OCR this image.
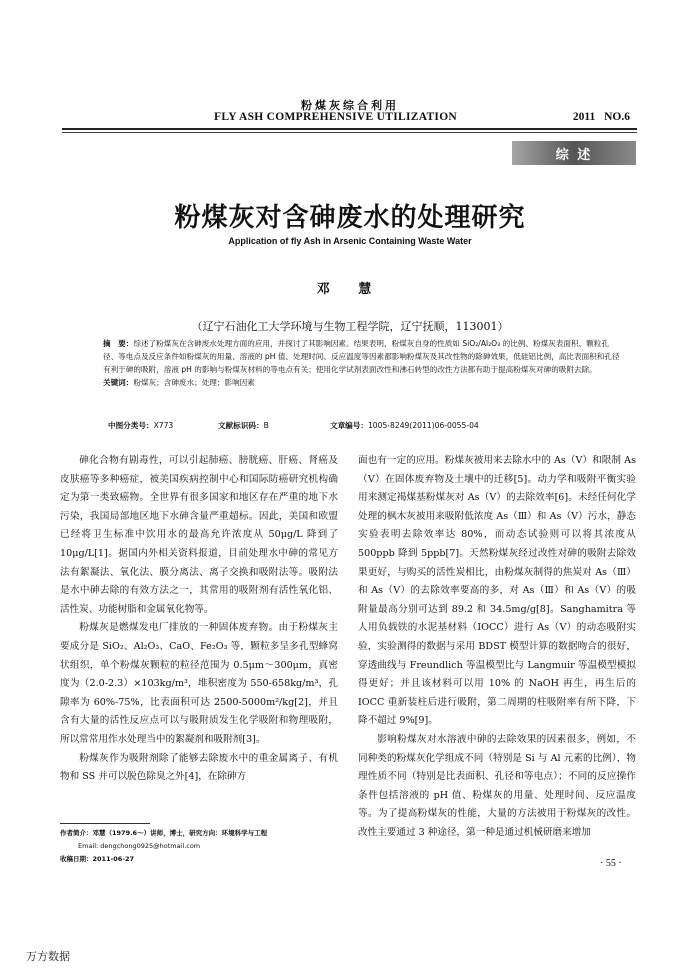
粉煤灰综合利用
FLY ASH COMPREHENSIVE UTILIZATION	2011 NO.6
综 述
粉煤灰对含砷废水的处理研究
Application of fly Ash in Arsenic Containing Waste Water
邓 慧
（辽宁石油化工大学环境与生物工程学院，辽宁抚顺，113001）
摘　要：综述了粉煤灰在含砷废水处理方面的应用，并探讨了其影响因素。结果表明，粉煤灰自身的性质如 SiO₂/Al₂O₃ 的比例、粉煤灰表面积、颗粒孔径、等电点及反应条件如粉煤灰的用量、溶液的 pH 值、处理时间、反应温度等因素都影响粉煤灰及其改性物的除砷效果，低硅铝比例，高比表面积和孔径有利于砷的吸附，溶液 pH 的影响与粉煤灰材料的等电点有关；使用化学试剂表面改性和沸石转型的改性方法都有助于提高粉煤灰对砷的吸附去除。
关键词：粉煤灰；含砷废水；处理；影响因素
中图分类号：X773	文献标识码：B	文章编号：1005-8249(2011)06-0055-04

砷化合物有剧毒性，可以引起肺癌、膀胱癌、肝癌、肾癌及皮肤癌等多种癌症，被美国疾病控制中心和国际防癌研究机构确定为第一类致癌物。全世界有很多国家和地区存在严重的地下水污染，我国局部地区地下水砷含量严重超标。因此，美国和欧盟已经将卫生标准中饮用水的最高允许浓度从 50μg/L 降到了 10μg/L[1]。据国内外相关资料报道，目前处理水中砷的常见方法有絮凝法、氧化法、膜分离法、离子交换和吸附法等。吸附法是水中砷去除的有效方法之一，其常用的吸附剂有活性氧化铝、活性炭、功能树脂和金属氧化物等。

粉煤灰是燃煤发电厂排放的一种固体废弃物。由于粉煤灰主要成分是 SiO₂、Al₂O₃、CaO、Fe₂O₃ 等，颗粒多呈多孔型蜂窝状组织，单个粉煤灰颗粒的粒径范围为 0.5μm～300μm，真密度为（2.0-2.3）×103kg/m³，堆积密度为 550-658kg/m³，孔隙率为 60%-75%，比表面积可达 2500-5000m²/kg[2]，并且含有大量的活性反应点可以与吸附质发生化学吸附和物理吸附，所以常常用作水处理当中的絮凝剂和吸附剂[3]。

粉煤灰作为吸附剂除了能够去除废水中的重金属离子、有机物和 SS 并可以脱色除臭之外[4]，在除砷方

面也有一定的应用。粉煤灰被用来去除水中的 As（Ⅴ）和限制 As（Ⅴ）在固体废弃物及土壤中的迁移[5]。动力学和吸附平衡实验用来测定褐煤基粉煤灰对 As（Ⅴ）的去除效率[6]。未经任何化学处理的枫木灰被用来吸附低浓度 As（Ⅲ）和 As（Ⅴ）污水，静态实验表明去除效率达 80%，而动态试验则可以将其浓度从 500ppb 降到 5ppb[7]。天然粉煤灰经过改性对砷的吸附去除效果更好，与购买的活性炭相比，由粉煤灰制得的焦炭对 As（Ⅲ）和 As（Ⅴ）的去除效率要高的多，对 As（Ⅲ）和 As（Ⅴ）的吸附量最高分别可达到 89.2 和 34.5mg/g[8]。Sanghamitra 等人用负载铁的水泥基材料（IOCC）进行 As（Ⅴ）的动态吸附实验，实验测得的数据与采用 BDST 模型计算的数据吻合的很好，穿透曲线与 Freundlich 等温模型比与 Langmuir 等温模型模拟得更好；并且该材料可以用 10% 的 NaOH 再生，再生后的 IOCC 重新装柱后进行吸附，第二周期的柱吸附率有所下降，下降不超过 9%[9]。

影响粉煤灰对水溶液中砷的去除效果的因素很多，例如，不同种类的粉煤灰化学组成不同（特别是 Si 与 Al 元素的比例），物理性质不同（特别是比表面积、孔径和等电点）；不同的反应操作条件包括溶液的 pH 值、粉煤灰的用量、处理时间、反应温度等。为了提高粉煤灰的性能，大量的方法被用于粉煤灰的改性。改性主要通过 3 种途径，第一种是通过机械研磨来增加

作者简介：邓慧（1979.6～）讲师，博士，研究方向：环境科学与工程
Email: dengchong0925@hotmail.com
收稿日期：2011-06-27	· 55 ·
万方数据
